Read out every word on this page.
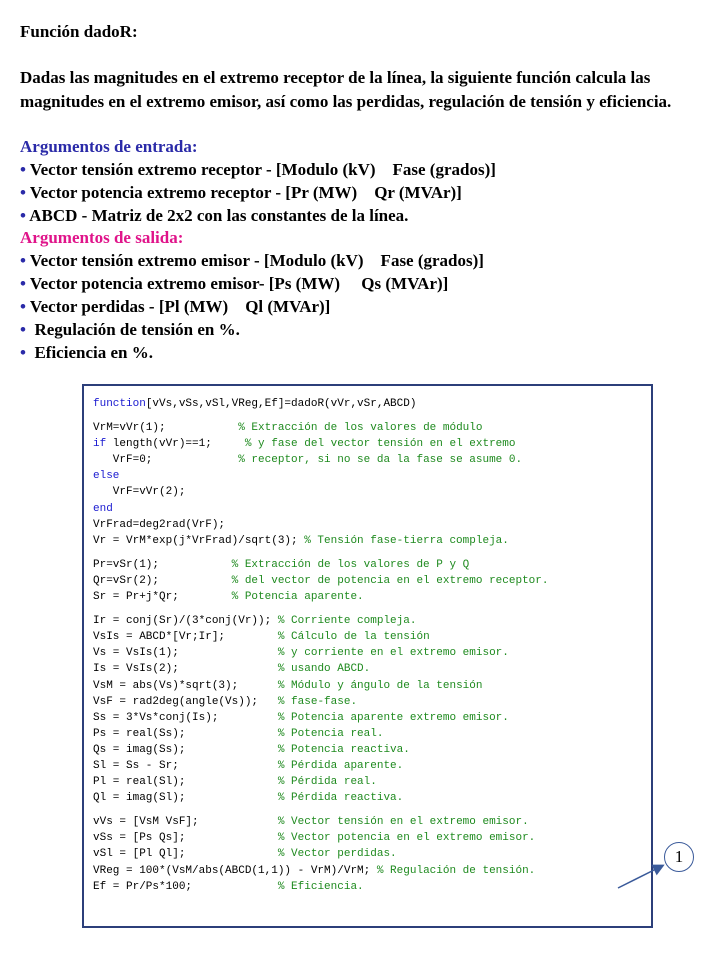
Función dadoR:
Dadas las magnitudes en el extremo receptor de la línea, la siguiente función calcula las magnitudes en el extremo emisor, así como las perdidas, regulación de tensión y eficiencia.
Argumentos de entrada:
• Vector tensión extremo receptor - [Modulo (kV)    Fase (grados)]
• Vector potencia extremo receptor - [Pr (MW)    Qr (MVAr)]
• ABCD - Matriz de 2x2 con las constantes de la línea.
Argumentos de salida:
• Vector tensión extremo emisor - [Modulo (kV)    Fase (grados)]
• Vector potencia extremo emisor- [Ps (MW)     Qs (MVAr)]
• Vector perdidas - [Pl (MW)    Ql (MVAr)]
•  Regulación de tensión en %.
•  Eficiencia en %.
function[vVs,vSs,vSl,VReg,Ef]=dadoR(vVr,vSr,ABCD)
VrM=vVr(1);           % Extracción de los valores de módulo
if length(vVr)==1;     % y fase del vector tensión en el extremo
VrF=0;             % receptor, si no se da la fase se asume 0.
else
VrF=vVr(2);
end
VrFrad=deg2rad(VrF);
Vr = VrM*exp(j*VrFrad)/sqrt(3); % Tensión fase-tierra compleja.
Pr=vSr(1);           % Extracción de los valores de P y Q
Qr=vSr(2);           % del vector de potencia en el extremo receptor.
Sr = Pr+j*Qr;        % Potencia aparente.
Ir = conj(Sr)/(3*conj(Vr)); % Corriente compleja.
VsIs = ABCD*[Vr;Ir];        % Cálculo de la tensión
Vs = VsIs(1);               % y corriente en el extremo emisor.
Is = VsIs(2);               % usando ABCD.
VsM = abs(Vs)*sqrt(3);      % Módulo y ángulo de la tensión
VsF = rad2deg(angle(Vs));   % fase-fase.
Ss = 3*Vs*conj(Is);         % Potencia aparente extremo emisor.
Ps = real(Ss);              % Potencia real.
Qs = imag(Ss);              % Potencia reactiva.
Sl = Ss - Sr;               % Pérdida aparente.
Pl = real(Sl);              % Pérdida real.
Ql = imag(Sl);              % Pérdida reactiva.
vVs = [VsM VsF];            % Vector tensión en el extremo emisor.
vSs = [Ps Qs];              % Vector potencia en el extremo emisor.
vSl = [Pl Ql];              % Vector perdidas.
VReg = 100*(VsM/abs(ABCD(1,1)) - VrM)/VrM; % Regulación de tensión.
Ef = Pr/Ps*100;             % Eficiencia.
1
